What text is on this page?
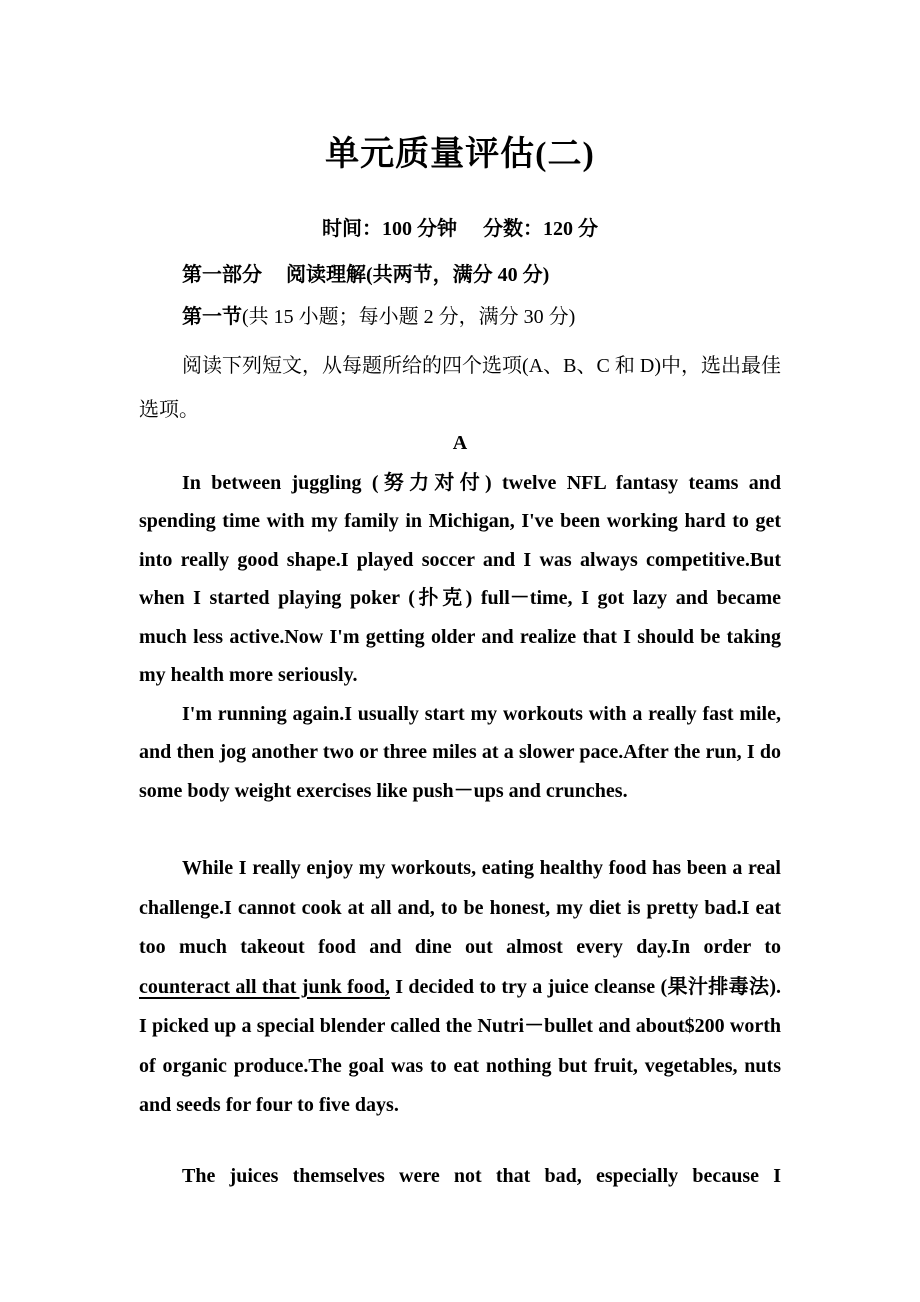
单元质量评估(二)
时间：100 分钟 分数：120 分
第一部分 阅读理解(共两节，满分 40 分)
第一节(共 15 小题；每小题 2 分，满分 30 分)
阅读下列短文，从每题所给的四个选项(A、B、C 和 D)中，选出最佳选项。
A
In between juggling (努力对付) twelve NFL fantasy teams and spending time with my family in Michigan, I've been working hard to get into really good shape.I played soccer and I was always competitive.But when I started playing poker (扑克) full－time, I got lazy and became much less active.Now I'm getting older and realize that I should be taking my health more seriously.
I'm running again.I usually start my workouts with a really fast mile, and then jog another two or three miles at a slower pace.After the run, I do some body weight exercises like push－ups and crunches.
While I really enjoy my workouts, eating healthy food has been a real challenge.I cannot cook at all and, to be honest, my diet is pretty bad.I eat too much takeout food and dine out almost every day.In order to counteract all that junk food, I decided to try a juice cleanse (果汁排毒法). I picked up a special blender called the Nutri－bullet and about$200 worth of organic produce.The goal was to eat nothing but fruit, vegetables, nuts and seeds for four to five days.
The juices themselves were not that bad, especially because I
